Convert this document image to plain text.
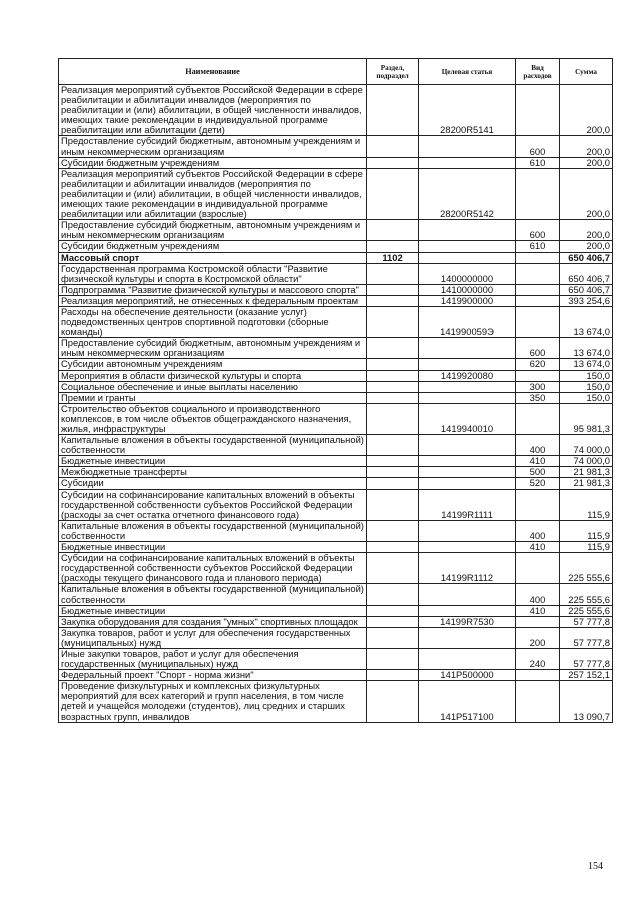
Наименование	Раздел, подраздел	Целевая статья	Вид расходов	Сумма
Реализация мероприятий субъектов Российской Федерации в сфере реабилитации и абилитации инвалидов (мероприятия по реабилитации и (или) абилитации, в общей численности инвалидов, имеющих такие рекомендации в индивидуальной программе реабилитации или абилитации (дети)		28200R5141		200,0
Предоставление субсидий бюджетным, автономным учреждениям и иным некоммерческим организациям			600	200,0
Субсидии бюджетным учреждениям			610	200,0
Реализация мероприятий субъектов Российской Федерации в сфере реабилитации и абилитации инвалидов (мероприятия по реабилитации и (или) абилитации, в общей численности инвалидов, имеющих такие рекомендации в индивидуальной программе реабилитации или абилитации (взрослые)		28200R5142		200,0
Предоставление субсидий бюджетным, автономным учреждениям и иным некоммерческим организациям			600	200,0
Субсидии бюджетным учреждениям			610	200,0
Массовый спорт	1102			650 406,7
Государственная программа Костромской области "Развитие физической культуры и спорта в Костромской области"		1400000000		650 406,7
Подпрограмма "Развитие физической культуры и массового спорта"		1410000000		650 406,7
Реализация мероприятий, не отнесенных к федеральным проектам		1419900000		393 254,6
Расходы на обеспечение деятельности (оказание услуг) подведомственных центров спортивной подготовки (сборные команды)		141990059Э		13 674,0
Предоставление субсидий бюджетным, автономным учреждениям и иным некоммерческим организациям			600	13 674,0
Субсидии автономным учреждениям			620	13 674,0
Мероприятия в области физической культуры и спорта		1419920080		150,0
Социальное обеспечение и иные выплаты населению			300	150,0
Премии и гранты			350	150,0
Строительство объектов социального и производственного комплексов, в том числе объектов общегражданского назначения, жилья, инфраструктуры		1419940010		95 981,3
Капитальные вложения в объекты государственной (муниципальной) собственности			400	74 000,0
Бюджетные инвестиции			410	74 000,0
Межбюджетные трансферты			500	21 981,3
Субсидии			520	21 981,3
Субсидии на софинансирование капитальных вложений в объекты государственной собственности субъектов Российской Федерации (расходы за счет остатка отчетного финансового года)		14199R1111		115,9
Капитальные вложения в объекты государственной (муниципальной) собственности			400	115,9
Бюджетные инвестиции			410	115,9
Субсидии на софинансирование капитальных вложений в объекты государственной собственности субъектов Российской Федерации (расходы текущего финансового года и планового периода)		14199R1112		225 555,6
Капитальные вложения в объекты государственной (муниципальной) собственности			400	225 555,6
Бюджетные инвестиции			410	225 555,6
Закупка оборудования для создания "умных" спортивных площадок		14199R7530		57 777,8
Закупка товаров, работ и услуг для обеспечения государственных (муниципальных) нужд			200	57 777,8
Иные закупки товаров, работ и услуг для обеспечения государственных (муниципальных) нужд			240	57 777,8
Федеральный проект "Спорт - норма жизни"		141P500000		257 152,1
Проведение физкультурных и комплексных физкультурных мероприятий для всех категорий и групп населения, в том числе детей и учащейся молодежи (студентов), лиц средних и старших возрастных групп, инвалидов		141P517100		13 090,7
154
